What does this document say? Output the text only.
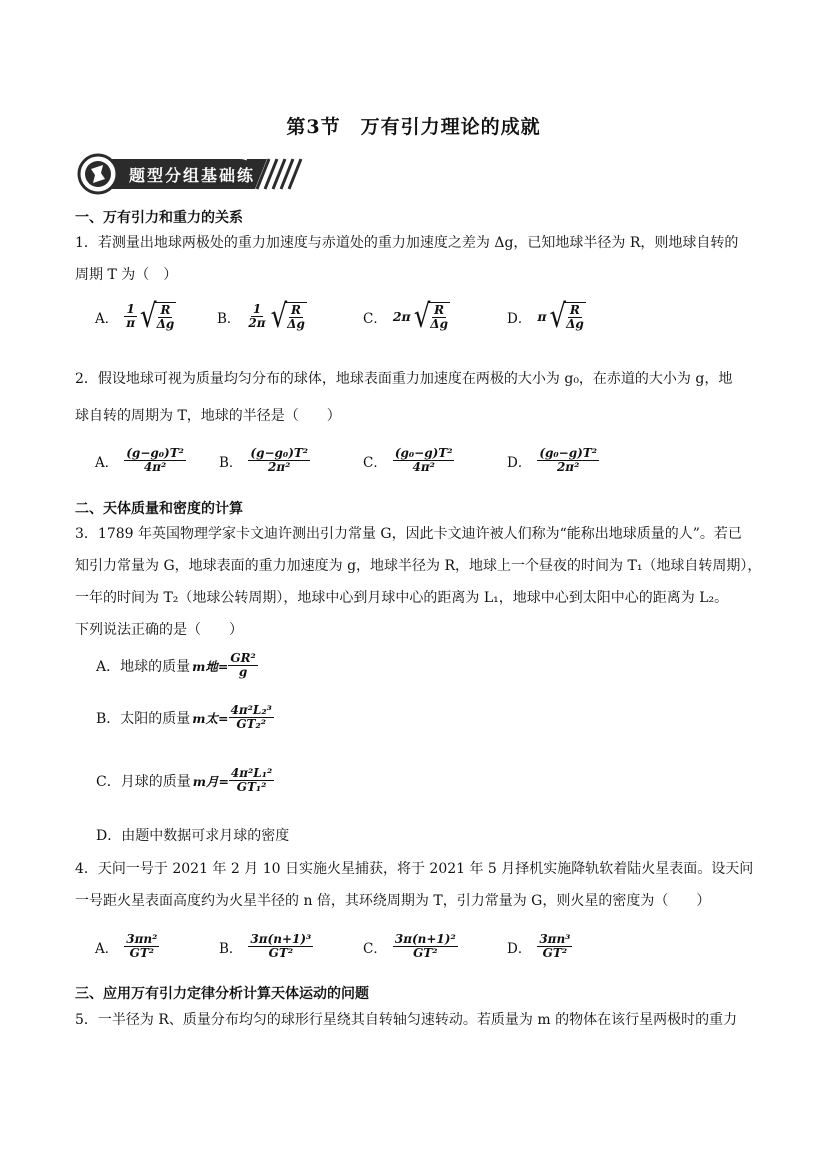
第3节　万有引力理论的成就
题型分组基础练
一、万有引力和重力的关系
1．若测量出地球两极处的重力加速度与赤道处的重力加速度之差为 Δg，已知地球半径为 R，则地球自转的
周期 T 为（　）
A． $\frac{1}{\pi}$ √
$\frac{R}{\Delta g}$	B． $\frac{1}{2\pi}$ √
$\frac{R}{\Delta g}$	C． 2π √
$\frac{R}{\Delta g}$	D． π √
$\frac{R}{\Delta g}$
2．假设地球可视为质量均匀分布的球体，地球表面重力加速度在两极的大小为 g₀，在赤道的大小为 g，地
球自转的周期为 T，地球的半径是（　　）
A． $\frac{\text{(g−g₀)T²}}{\text{4π²}}$ B． $\frac{\text{(g−g₀)T²}}{\text{2π²}}$	C． $\frac{\text{(g₀−g)T²}}{\text{4π²}}$	D． $\frac{\text{(g₀−g)T²}}{\text{2π²}}$
二、天体质量和密度的计算
3．1789 年英国物理学家卡文迪许测出引力常量 G，因此卡文迪许被人们称为“能称出地球质量的人”。若已
知引力常量为 G，地球表面的重力加速度为 g，地球半径为 R，地球上一个昼夜的时间为 T₁（地球自转周期），
一年的时间为 T₂（地球公转周期），地球中心到月球中心的距离为 L₁，地球中心到太阳中心的距离为 L₂。
下列说法正确的是（　　）
A．地球的质量 m地= $\frac{\text{GR²}}{g}$
B．太阳的质量 m太= $\frac{\text{4π²L₂³}}{\text{GT₂²}}$
C．月球的质量 m月= $\frac{\text{4π²L₁²}}{\text{GT₁²}}$
D．由题中数据可求月球的密度
4．天问一号于 2021 年 2 月 10 日实施火星捕获，将于 2021 年 5 月择机实施降轨软着陆火星表面。设天问
一号距火星表面高度约为火星半径的 n 倍，其环绕周期为 T，引力常量为 G，则火星的密度为（　　）
A． $\frac{\text{3πn²}}{\text{GT²}}$	B． $\frac{\text{3π(n+1)³}}{\text{GT²}}$	C． $\frac{\text{3π(n+1)²}}{\text{GT²}}$	D． $\frac{\text{3πn³}}{\text{GT²}}$
三、应用万有引力定律分析计算天体运动的问题
5．一半径为 R、质量分布均匀的球形行星绕其自转轴匀速转动。若质量为 m 的物体在该行星两极时的重力
